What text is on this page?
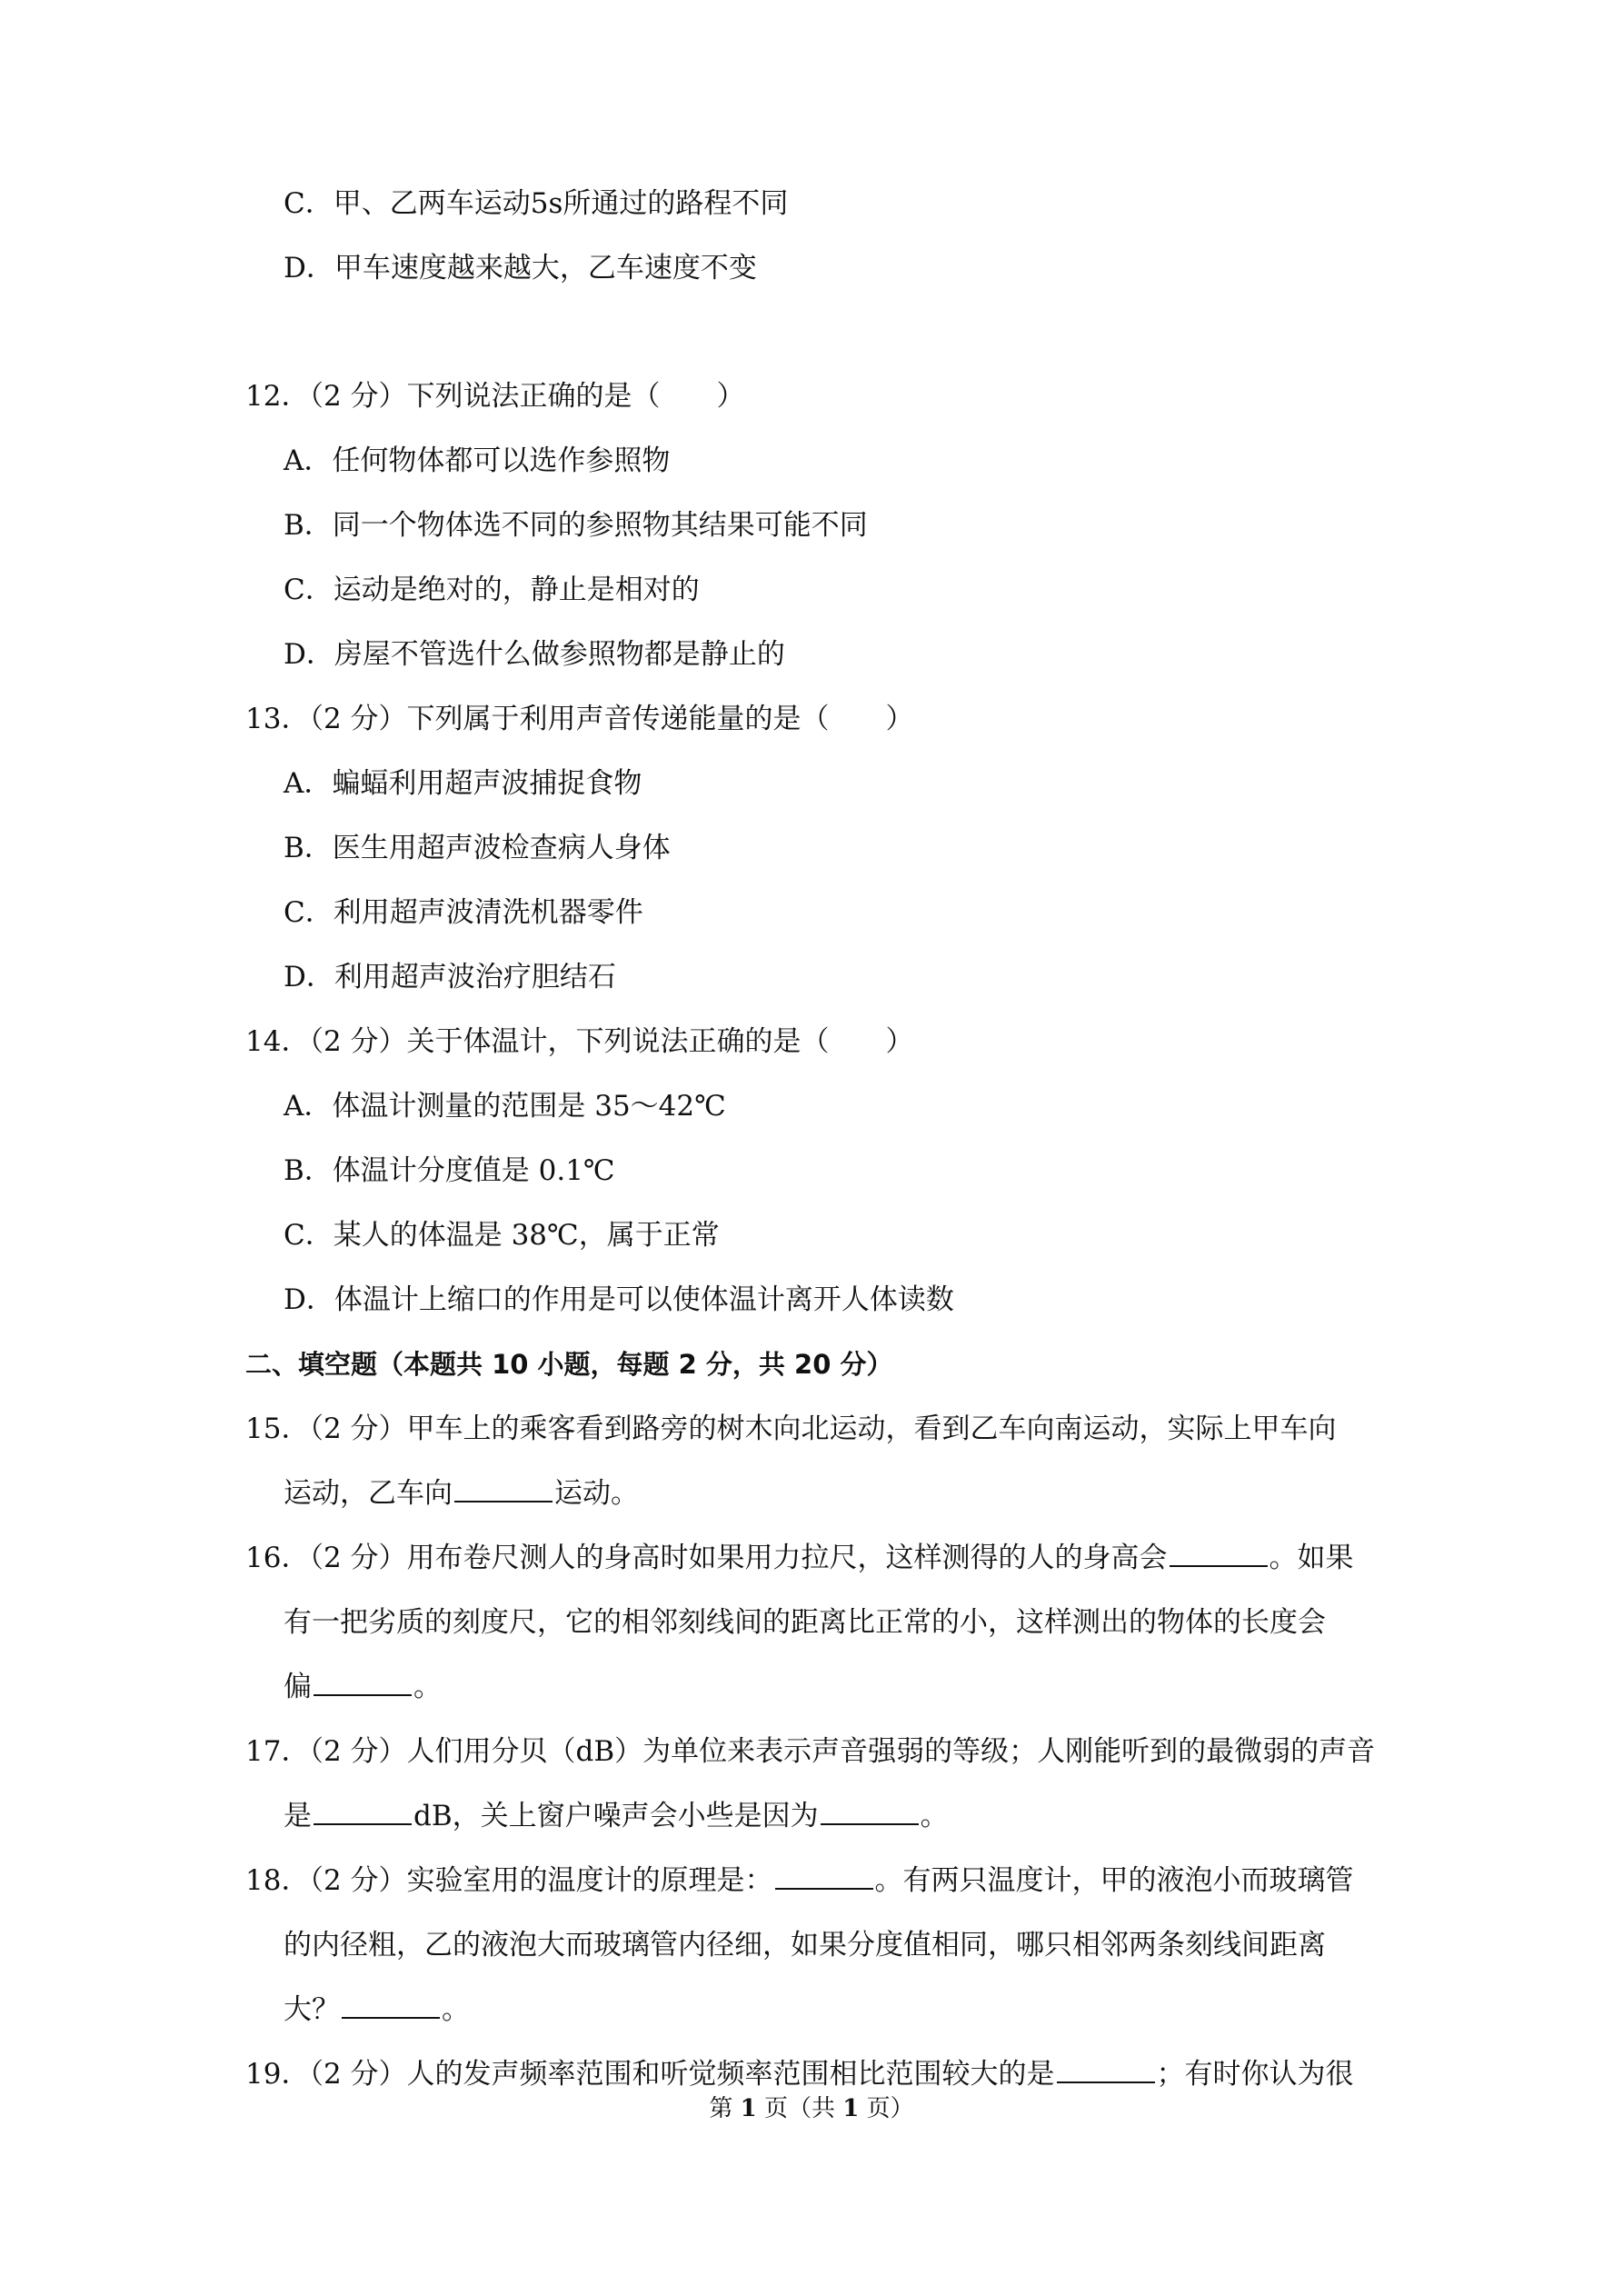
C．甲、乙两车运动5s所通过的路程不同
D．甲车速度越来越大，乙车速度不变
12．（2 分）下列说法正确的是（　　）
A．任何物体都可以选作参照物
B．同一个物体选不同的参照物其结果可能不同
C．运动是绝对的，静止是相对的
D．房屋不管选什么做参照物都是静止的
13．（2 分）下列属于利用声音传递能量的是（　　）
A．蝙蝠利用超声波捕捉食物
B．医生用超声波检查病人身体
C．利用超声波清洗机器零件
D．利用超声波治疗胆结石
14．（2 分）关于体温计，下列说法正确的是（　　）
A．体温计测量的范围是 35～42℃
B．体温计分度值是 0.1℃
C．某人的体温是 38℃，属于正常
D．体温计上缩口的作用是可以使体温计离开人体读数
二、填空题（本题共 10 小题，每题 2 分，共 20 分）
15．（2 分）甲车上的乘客看到路旁的树木向北运动，看到乙车向南运动，实际上甲车向
运动，乙车向	运动。
16．（2 分）用布卷尺测人的身高时如果用力拉尺，这样测得的人的身高会	。如果
有一把劣质的刻度尺，它的相邻刻线间的距离比正常的小，这样测出的物体的长度会
偏	。
17．（2 分）人们用分贝（dB）为单位来表示声音强弱的等级；人刚能听到的最微弱的声音
是	dB，关上窗户噪声会小些是因为	。
18．（2 分）实验室用的温度计的原理是：	。有两只温度计，甲的液泡小而玻璃管
的内径粗，乙的液泡大而玻璃管内径细，如果分度值相同，哪只相邻两条刻线间距离
大？	。
19．（2 分）人的发声频率范围和听觉频率范围相比范围较大的是	；有时你认为很
第 1 页（共 1 页）
